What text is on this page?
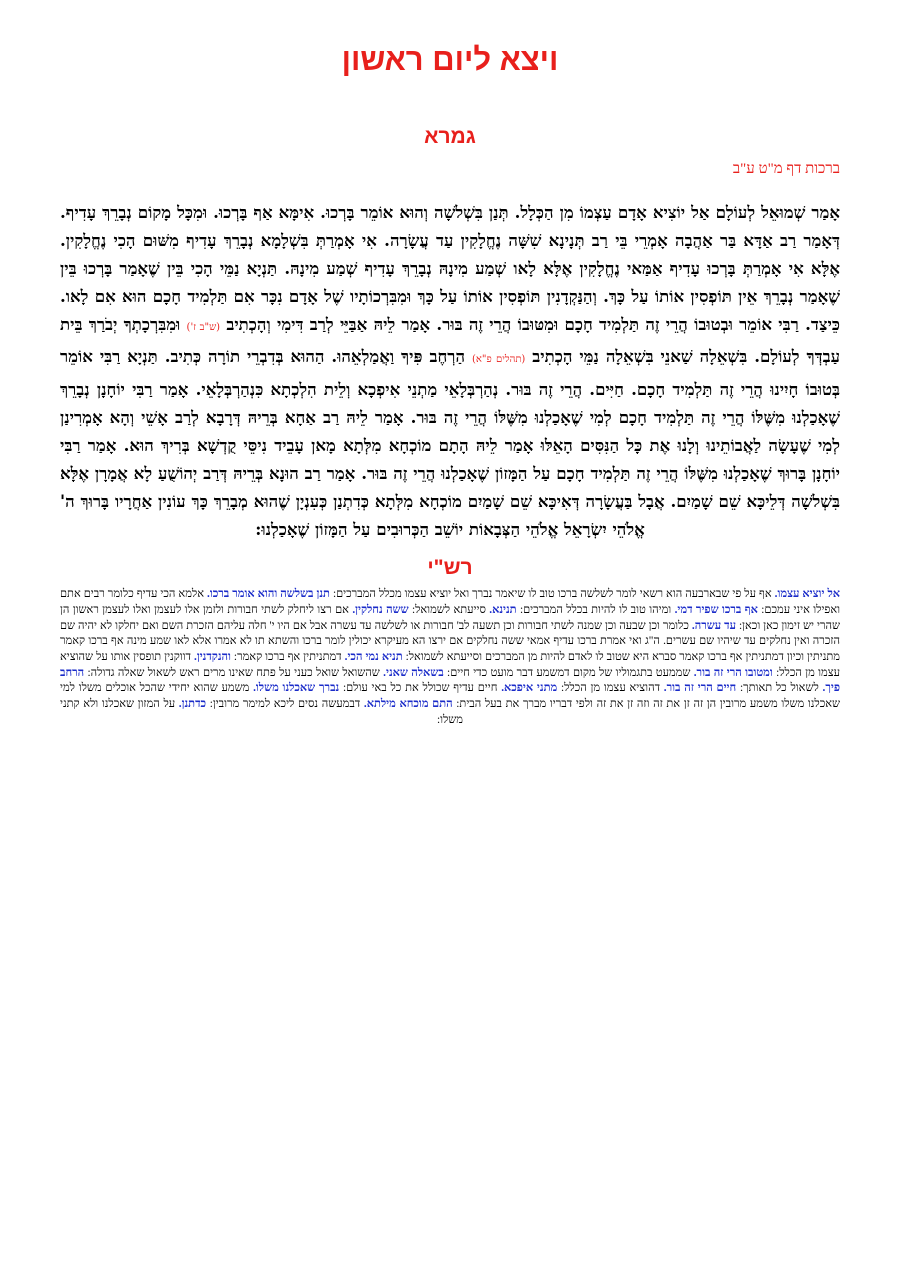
ויצא ליום ראשון
גמרא
ברכות דף מ"ט ע"ב
אָמַר שְׁמוּאֵל לְעוֹלָם אַל יוֹצִיא אָדָם עַצְמוֹ מִן הַכְּלָל. תְּנַן בִּשְׁלשָׁה וְהוּא אוֹמֵר בָּרְכוּ. אִימָּא אַף בָּרְכוּ. וּמִכָּל מָקוֹם נְבָרֵךְ עָדִיף. דְּאָמַר רַב אַדָּא בַּר אַהֲבָה אָמְרֵי בֵּי רַב תְּנָינָא שִׁשָּׁה נֶחֱלָקִין עַד עֲשָׂרָה. אִי אָמְרַתְּ בִּשְׁלָמָא נְבָרֵךְ עָדִיף מִשּׁוּם הָכִי נֶחֱלָקִין. אֶלָּא אִי אָמְרַתְּ בָּרְכוּ עָדִיף אַמַּאי נֶחֱלָקִין אֶלָּא לָאו שְׁמַע מִינָהּ נְבָרֵךְ עָדִיף שְׁמַע מִינָהּ. תַּנְיָא נַמֵּי הָכִי בֵּין שֶׁאָמַר בָּרְכוּ בֵּין שֶׁאָמַר נְבָרֵךְ אֵין תּוֹפְסִין אוֹתוֹ עַל כָּךְ. וְהַנַּקְדָנִין תּוֹפְסִין אוֹתוֹ עַל כָּךְ וּמִבִּרְכוֹתָיו שֶׁל אָדָם נִכָּר אִם תַּלְמִיד חָכָם הוּא אִם לָאו. כֵּיצַד. רַבִּי אוֹמֵר וּבְטוּבוֹ הֲרֵי זֶה תַּלְמִיד חָכָם וּמִטּוּבוֹ הֲרֵי זֶה בּוּר. אָמַר לֵיהּ אַבַּיֵּי לְרַב דִּימִי וְהָכְתִיב (ש"ב ז') וּמִבִּרְכָתְךָ יְבֹרַךְ בֵּית עַבְדְּךָ לְעוֹלָם. בִּשְׁאֵלָה שַׁאנֵי בִּשְׁאֵלָה נַמֵּי הָכְתִיב (תהלים פ"א) הַרְחֶב פִּיךָ וַאֲמַלְאֵהוּ. הַהוּא בְּדִבְרֵי תוֹרָה כְּתִיב. תַּנְיָא רַבִּי אוֹמֵר בְּטוּבוֹ חָיִינוּ הֲרֵי זֶה תַּלְמִיד חָכָם. חַיִּים. הֲרֵי זֶה בּוּר. נְהַרְבְּלָאֵי מַתְנֵי אִיפְכָא וְלֵית הִלְכְתָא כִּנְהַרְבְּלָאֵי. אָמַר רַבִּי יוֹחָנָן נְבָרֵךְ שֶׁאָכַלְנוּ מִשֶּׁלּוֹ הֲרֵי זֶה תַּלְמִיד חָכָם לְמִי שֶׁאָכַלְנוּ מִשֶּׁלּוֹ הֲרֵי זֶה בּוּר. אָמַר לֵיהּ רַב אַחָא בְּרֵיהּ דְּרָבָא לְרַב אָשֵׁי וְהָא אָמְרִינַן לְמִי שֶׁעָשָׂה לַאֲבוֹתֵינוּ וְלָנוּ אֶת כָּל הַנִּסִּים הָאֵלּוּ אָמַר לֵיהּ הָתָם מוֹכְחָא מִלְּתָא מָאן עָבֵיד נִיסֵּי קֻדְשָׁא בְּרִיךְ הוּא. אָמַר רַבִּי יוֹחָנָן בָּרוּךְ שֶׁאָכַלְנוּ מִשֶּׁלּוֹ הֲרֵי זֶה תַּלְמִיד חָכָם עַל הַמָּזוֹן שֶׁאָכַלְנוּ הֲרֵי זֶה בּוּר. אָמַר רַב הוּנָא בְּרֵיהּ דְּרַב יְהוֹשֻׁעַ לָא אֲמָרָן אֶלָּא בִּשְׁלשָׁה דְּלֵיכָּא שֵׁם שָׁמַיִם. אֲבָל בַּעֲשָׂרָה דְּאִיכָּא שֵׁם שָׁמַיִם מוֹכְחָא מִלְּתָא כְּדִתְנַן כְּעִנְיָן שֶׁהוּא מְבָרֵךְ כָּךְ עוֹנִין אַחֲרָיו בָּרוּךְ ה' אֱלֹהֵי יִשְׂרָאֵל אֱלֹהֵי הַצְּבָאוֹת יוֹשֵׁב הַכְּרוּבִים עַל הַמָּזוֹן שֶׁאָכַלְנוּ:
רש"י
אל יוציא עצמו. אף על פי שבארבעה הוא רשאי לומר לשלשה ברכו טוב לו שיאמר נברך ואל יוציא עצמו מכלל המברכים: תנן בשלשה והוא אומר ברכו. אלמא הכי עדיף כלומר רבים אתם ואפילו איני עמכם: אף ברכו שפיר דמי. ומיהו טוב לו להיות בכלל המברכים: תנינא. סייעתא לשמואל: ששה נחלקין. אם רצו ליחלק לשתי חבורות ולזמן אלו לעצמן ואלו לעצמן ראשון הן שהרי יש זימון כאן וכאן: עד עשרה. כלומר וכן שבעה וכן שמנה לשתי חבורות וכן תשעה לב' חבורות או לשלשה עד עשרה אבל אם היו י' חלה עליהם הזכרת השם ואם יחלקו לא יהיה שם הזכרה ואין נחלקים עד שיהיו שם עשרים. ה"ג ואי אמרת ברכו עדיף אמאי ששה נחלקים אם ירצו הא מעיקרא יכולין לומר ברכו והשתא תו לא אמרו אלא לאו שמע מינה אף ברכו קאמר מתניתין וכיון דמתניתין אף ברכו קאמר סברא היא שטוב לו לאדם להיות מן המברכים וסייעתא לשמואל: תניא נמי הכי. דמתניתין אף ברכו קאמר: והנקדנין. דווקנין תופסין אותו על שהוציא עצמו מן הכלל: ומטובו הרי זה בור. שממעט בתגמוליו של מקום דמשמע דבר מועט כדי חיים: בשאלה שאני. שהשואל שואל כעני על פתח שאינו מרים ראש לשאול שאלה גדולה: הרחב פיך. לשאול כל תאותך: חיים הרי זה בור. דהוציא עצמו מן הכלל: מתני איפכא. חיים עדיף שכולל את כל באי עולם: נברך שאכלנו משלו. משמע שהוא יחידי שהכל אוכלים משלו למי שאכלנו משלו משמע מרובין הן זה זן את זה וזה זן את זה ולפי דבריו מברך את בעל הבית: התם מוכחא מילתא. דבמעשה נסים ליכא למימר מרובין: כדתנן. על המזון שאכלנו ולא קתני משלו:
